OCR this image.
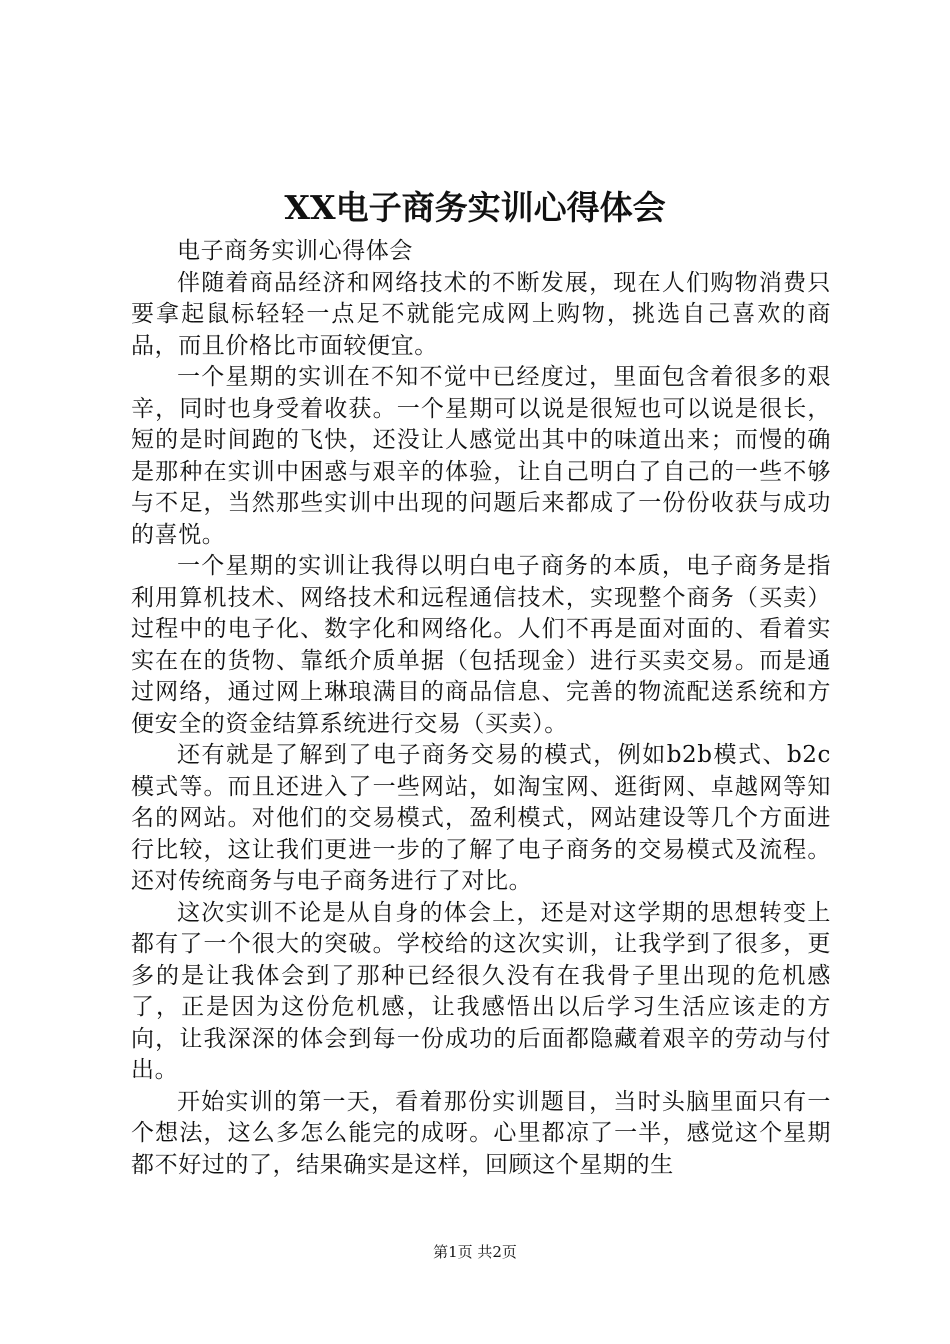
XX电子商务实训心得体会

电子商务实训心得体会

伴随着商品经济和网络技术的不断发展，现在人们购物消费只要拿起鼠标轻轻一点足不就能完成网上购物，挑选自己喜欢的商品，而且价格比市面较便宜。

一个星期的实训在不知不觉中已经度过，里面包含着很多的艰辛，同时也身受着收获。一个星期可以说是很短也可以说是很长，短的是时间跑的飞快，还没让人感觉出其中的味道出来；而慢的确是那种在实训中困惑与艰辛的体验，让自己明白了自己的一些不够与不足，当然那些实训中出现的问题后来都成了一份份收获与成功的喜悦。

一个星期的实训让我得以明白电子商务的本质，电子商务是指利用算机技术、网络技术和远程通信技术，实现整个商务（买卖）过程中的电子化、数字化和网络化。人们不再是面对面的、看着实实在在的货物、靠纸介质单据（包括现金）进行买卖交易。而是通过网络，通过网上琳琅满目的商品信息、完善的物流配送系统和方便安全的资金结算系统进行交易（买卖）。

还有就是了解到了电子商务交易的模式，例如b2b模式、b2c模式等。而且还进入了一些网站，如淘宝网、逛街网、卓越网等知名的网站。对他们的交易模式，盈利模式，网站建设等几个方面进行比较，这让我们更进一步的了解了电子商务的交易模式及流程。还对传统商务与电子商务进行了对比。

这次实训不论是从自身的体会上，还是对这学期的思想转变上都有了一个很大的突破。学校给的这次实训，让我学到了很多，更多的是让我体会到了那种已经很久没有在我骨子里出现的危机感了，正是因为这份危机感，让我感悟出以后学习生活应该走的方向，让我深深的体会到每一份成功的后面都隐藏着艰辛的劳动与付出。

开始实训的第一天，看着那份实训题目，当时头脑里面只有一个想法，这么多怎么能完的成呀。心里都凉了一半，感觉这个星期都不好过的了，结果确实是这样，回顾这个星期的生

第1页 共2页
